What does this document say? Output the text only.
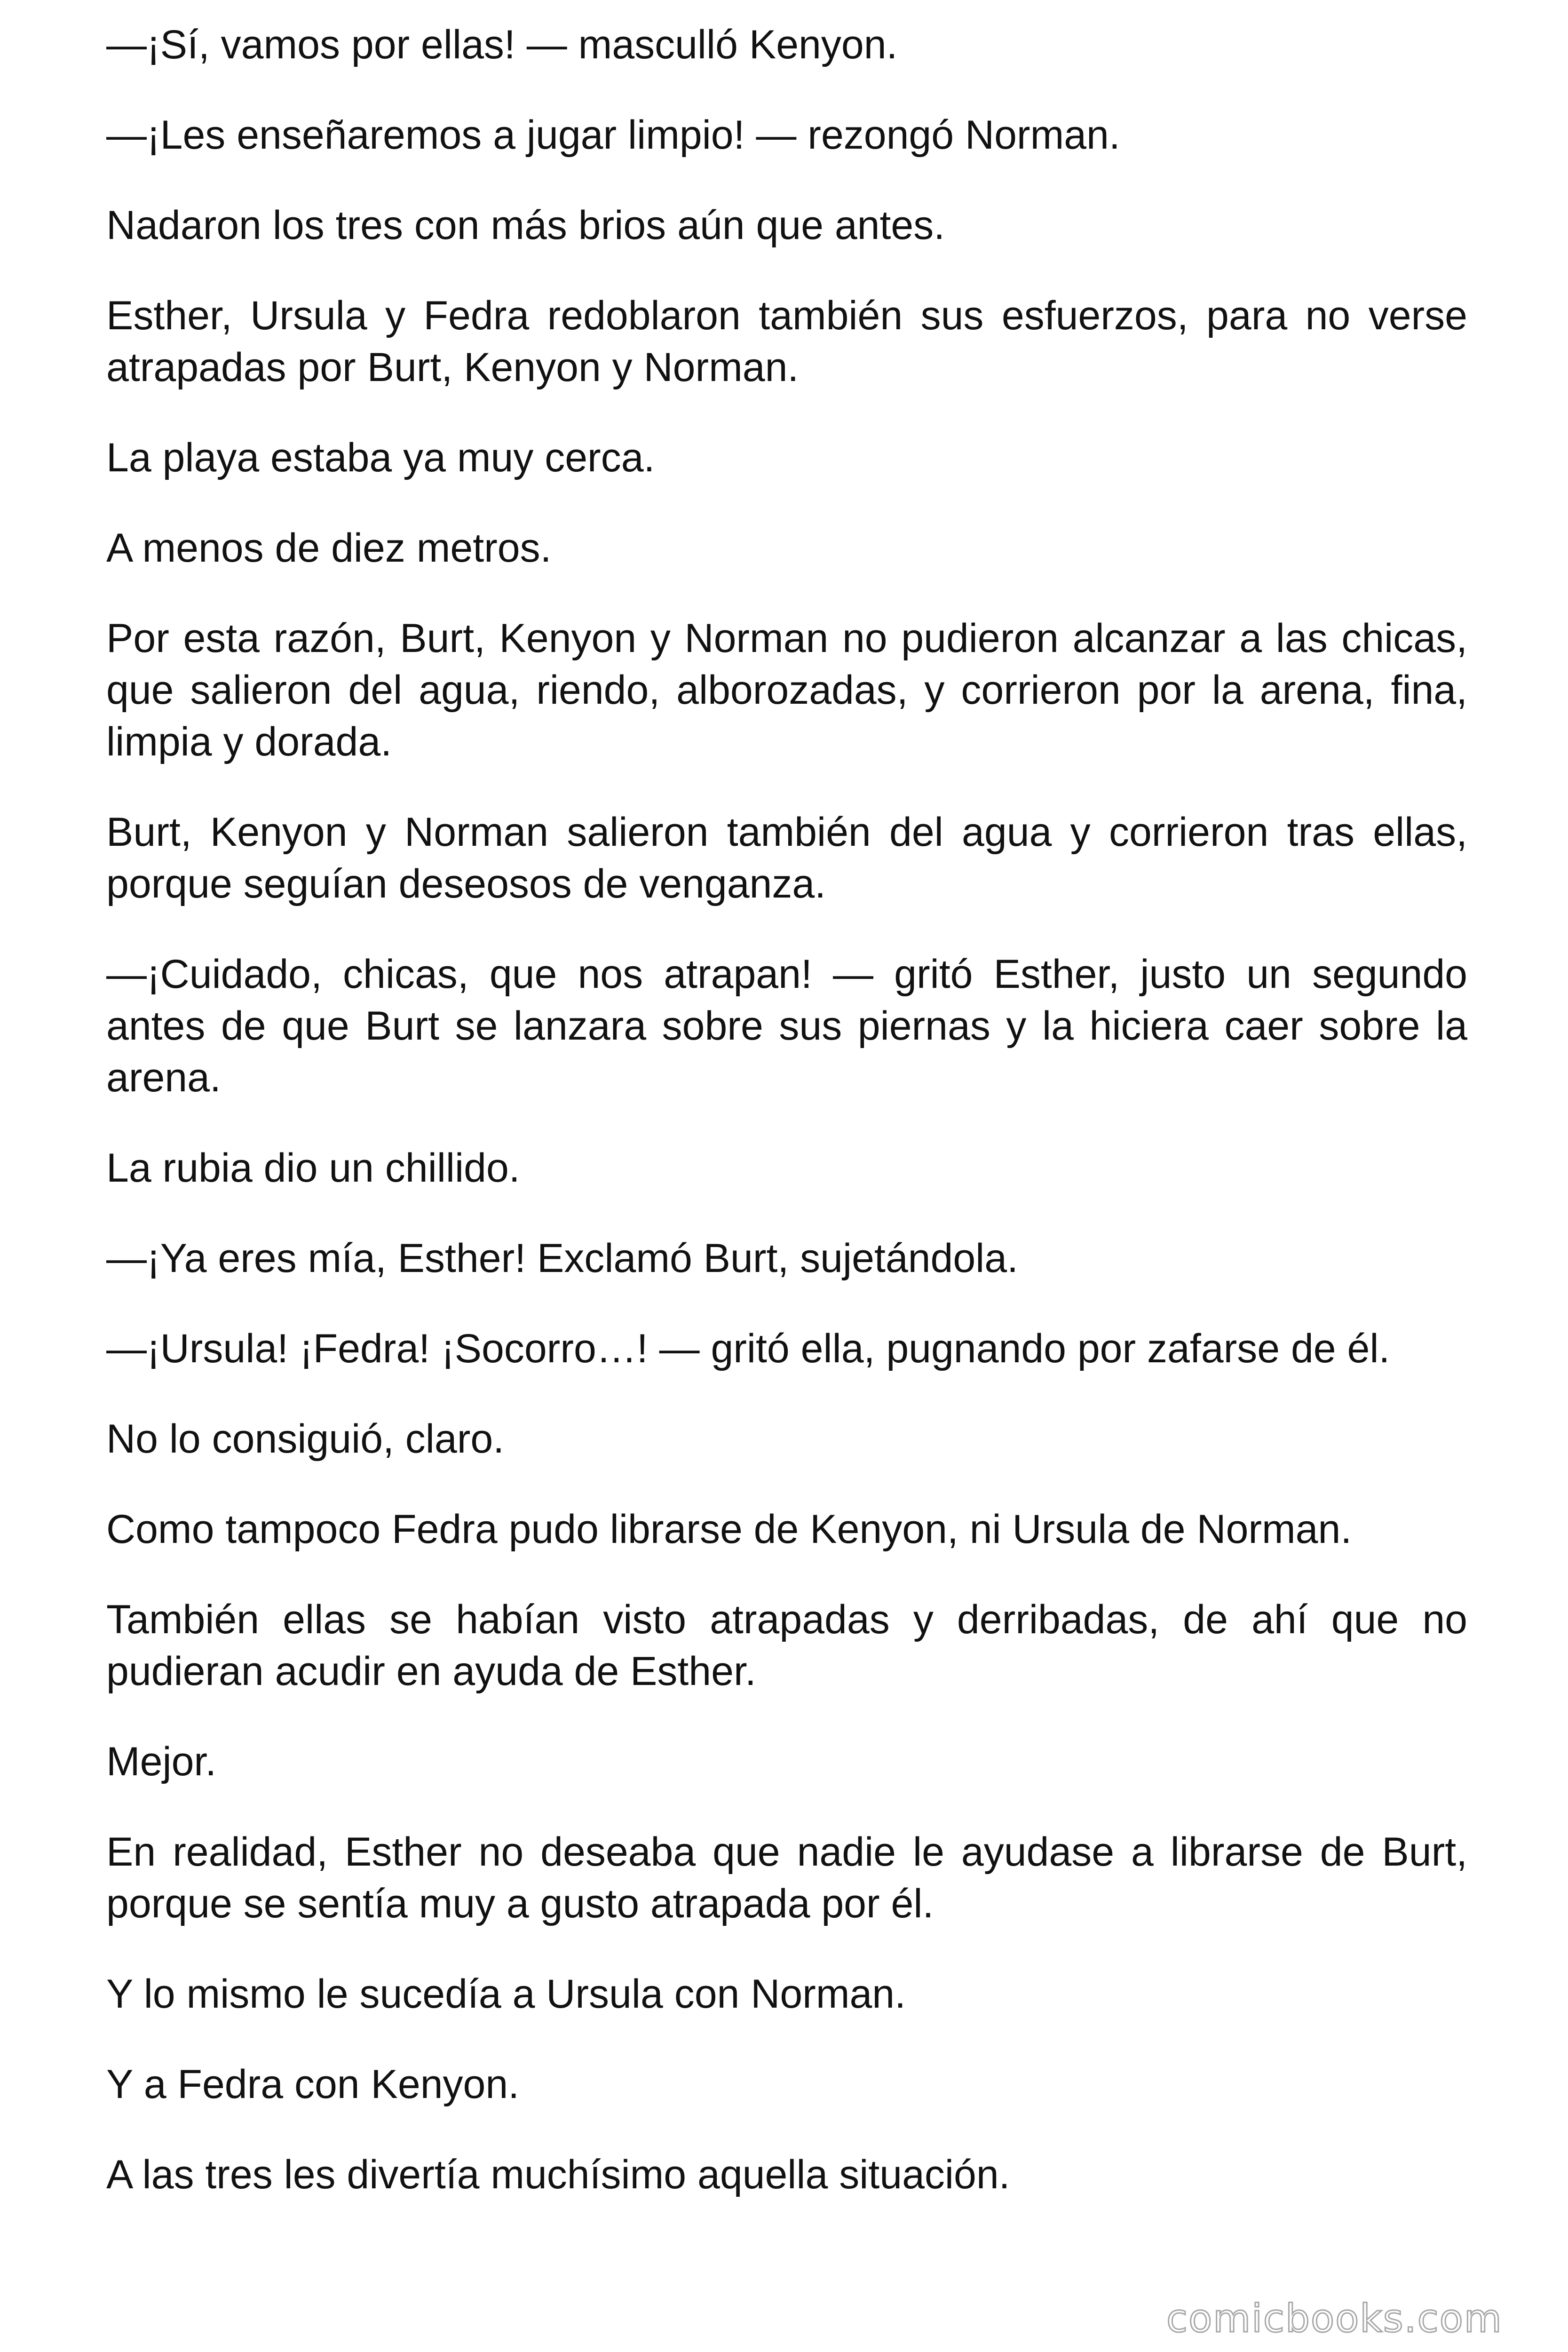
—¡Sí, vamos por ellas! — masculló Kenyon.

—¡Les enseñaremos a jugar limpio! — rezongó Norman.

Nadaron los tres con más brios aún que antes.

Esther, Ursula y Fedra redoblaron también sus esfuerzos, para no verse atrapadas por Burt, Kenyon y Norman.

La playa estaba ya muy cerca.

A menos de diez metros.

Por esta razón, Burt, Kenyon y Norman no pudieron alcanzar a las chicas, que salieron del agua, riendo, alborozadas, y corrieron por la arena, fina, limpia y dorada.

Burt, Kenyon y Norman salieron también del agua y corrieron tras ellas, porque seguían deseosos de venganza.

—¡Cuidado, chicas, que nos atrapan! — gritó Esther, justo un segundo antes de que Burt se lanzara sobre sus piernas y la hiciera caer sobre la arena.

La rubia dio un chillido.

—¡Ya eres mía, Esther! Exclamó Burt, sujetándola.

—¡Ursula! ¡Fedra! ¡Socorro…! — gritó ella, pugnando por zafarse de él.

No lo consiguió, claro.

Como tampoco Fedra pudo librarse de Kenyon, ni Ursula de Norman.

También ellas se habían visto atrapadas y derribadas, de ahí que no pudieran acudir en ayuda de Esther.

Mejor.

En realidad, Esther no deseaba que nadie le ayudase a librarse de Burt, porque se sentía muy a gusto atrapada por él.

Y lo mismo le sucedía a Ursula con Norman.

Y a Fedra con Kenyon.

A las tres les divertía muchísimo aquella situación.

comicbooks.com
